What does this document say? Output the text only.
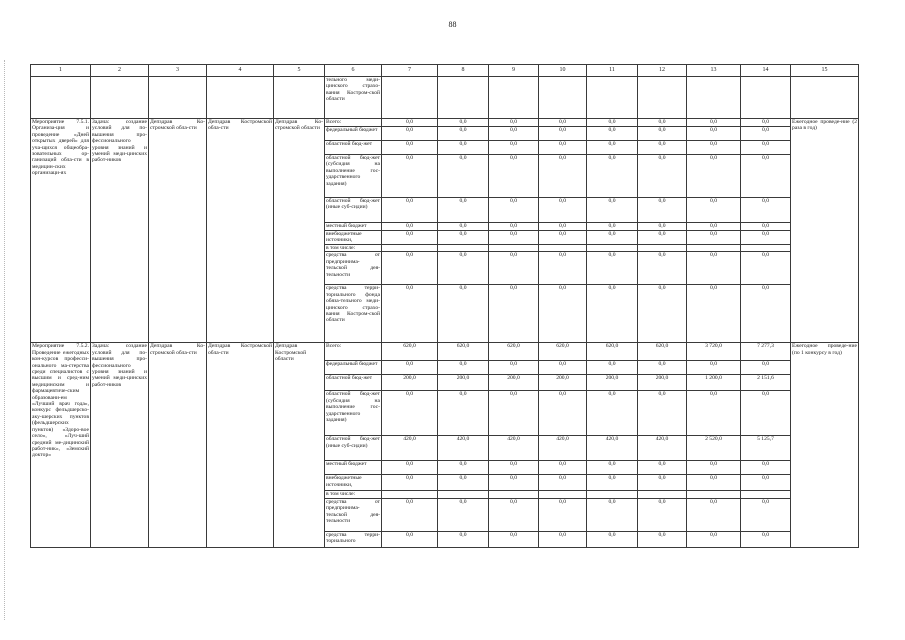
88
1	2	3	4	5	6	7	8	9	10	11	12	13	14	15
					тельного меди-цинского страхо-вания Костром-ской области									
Мероприятие 7.5.1. Организа-ция и проведение «Дней открытых дверей» для уча-щихся общеобра-зовательных ор-ганизаций обла-сти в медицин-ских организаци-ях	Задача: создание условий для по-вышения про-фессионального уровня знаний и умений меди-цинских работ-ников	Депздрав Ко-стромской обла-сти	Депздрав Костромской обла-сти	Депздрав Ко-стромской области	Всего:	0,0	0,0	0,0	0,0	0,0	0,0	0,0	0,0	Ежегодное проведе-ние (2 раза в год)
					федеральный бюджет	0,0	0,0	0,0	0,0	0,0	0,0	0,0	0,0	
					областной бюд-жет	0,0	0,0	0,0	0,0	0,0	0,0	0,0	0,0	
					областной бюд-жет (субсидия на выполнение гос-ударственного задания)	0,0	0,0	0,0	0,0	0,0	0,0	0,0	0,0	
					областной бюд-жет (иные суб-сидии)	0,0	0,0	0,0	0,0	0,0	0,0	0,0	0,0	
					местный бюджет	0,0	0,0	0,0	0,0	0,0	0,0	0,0	0,0	
					внебюджетные источники,	0,0	0,0	0,0	0,0	0,0	0,0	0,0	0,0	
					в том числе:									
					средства от предпринима-тельской дея-тельности	0,0	0,0	0,0	0,0	0,0	0,0	0,0	0,0	
					средства терри-ториального фонда обяза-тельного меди-цинского страхо-вания Костром-ской области	0,0	0,0	0,0	0,0	0,0	0,0	0,0	0,0	
Мероприятие 7.5.2. Проведение ежегодных кон-курсов професси-онального ма-стерства среди специалистов с высшим и сред-ним медицинским и фармацевтиче-ским образовани-ем «Лучший врач года», конкурс фельдшерско-аку-шерских пунктов (фельдшерских пунктов) «Здоро-вое село», «Луч-ший средний ме-дицинский работ-ник», «Земский доктор»	Задача: создание условий для по-вышения про-фессионального уровня знаний и умений меди-цинских работ-ников	Депздрав Ко-стромской обла-сти	Депздрав Костромской обла-сти	Депздрав Костромской области	Всего:	620,0	620,0	620,0	620,0	620,0	620,0	3 720,0	7 277,3	Ежегодное проведе-ние (по 1 конкурсу в год)
					федеральный бюджет	0,0	0,0	0,0	0,0	0,0	0,0	0,0	0,0	
					областной бюд-жет	200,0	200,0	200,0	200,0	200,0	200,0	1 200,0	2 151,6	
					областной бюд-жет (субсидия на выполнение гос-ударственного задания)	0,0	0,0	0,0	0,0	0,0	0,0	0,0	0,0	
					областной бюд-жет (иные суб-сидии)	420,0	420,0	420,0	420,0	420,0	420,0	2 520,0	5 125,7	
					местный бюджет	0,0	0,0	0,0	0,0	0,0	0,0	0,0	0,0	
					внебюджетные источники,	0,0	0,0	0,0	0,0	0,0	0,0	0,0	0,0	
					в том числе:									
					средства от предпринима-тельской дея-тельности	0,0	0,0	0,0	0,0	0,0	0,0	0,0	0,0	
					средства терри-ториального	0,0	0,0	0,0	0,0	0,0	0,0	0,0	0,0	
